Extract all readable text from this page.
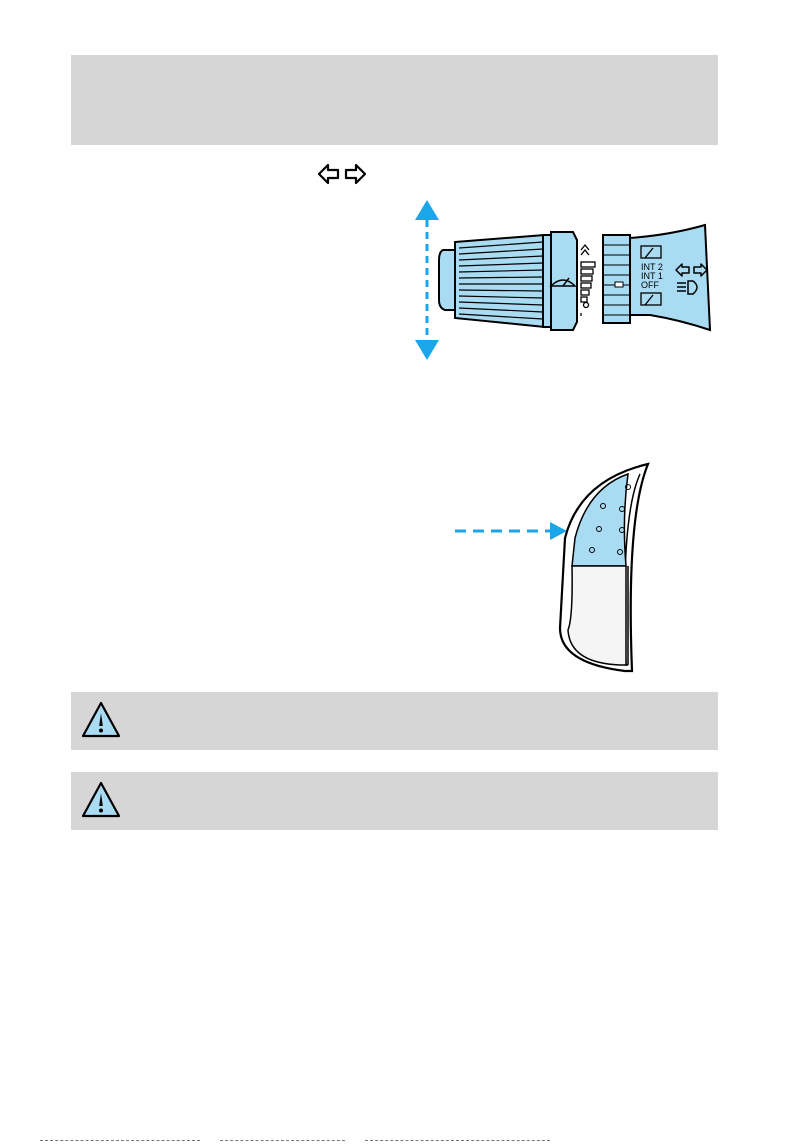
INT 2
INT 1
OFF
